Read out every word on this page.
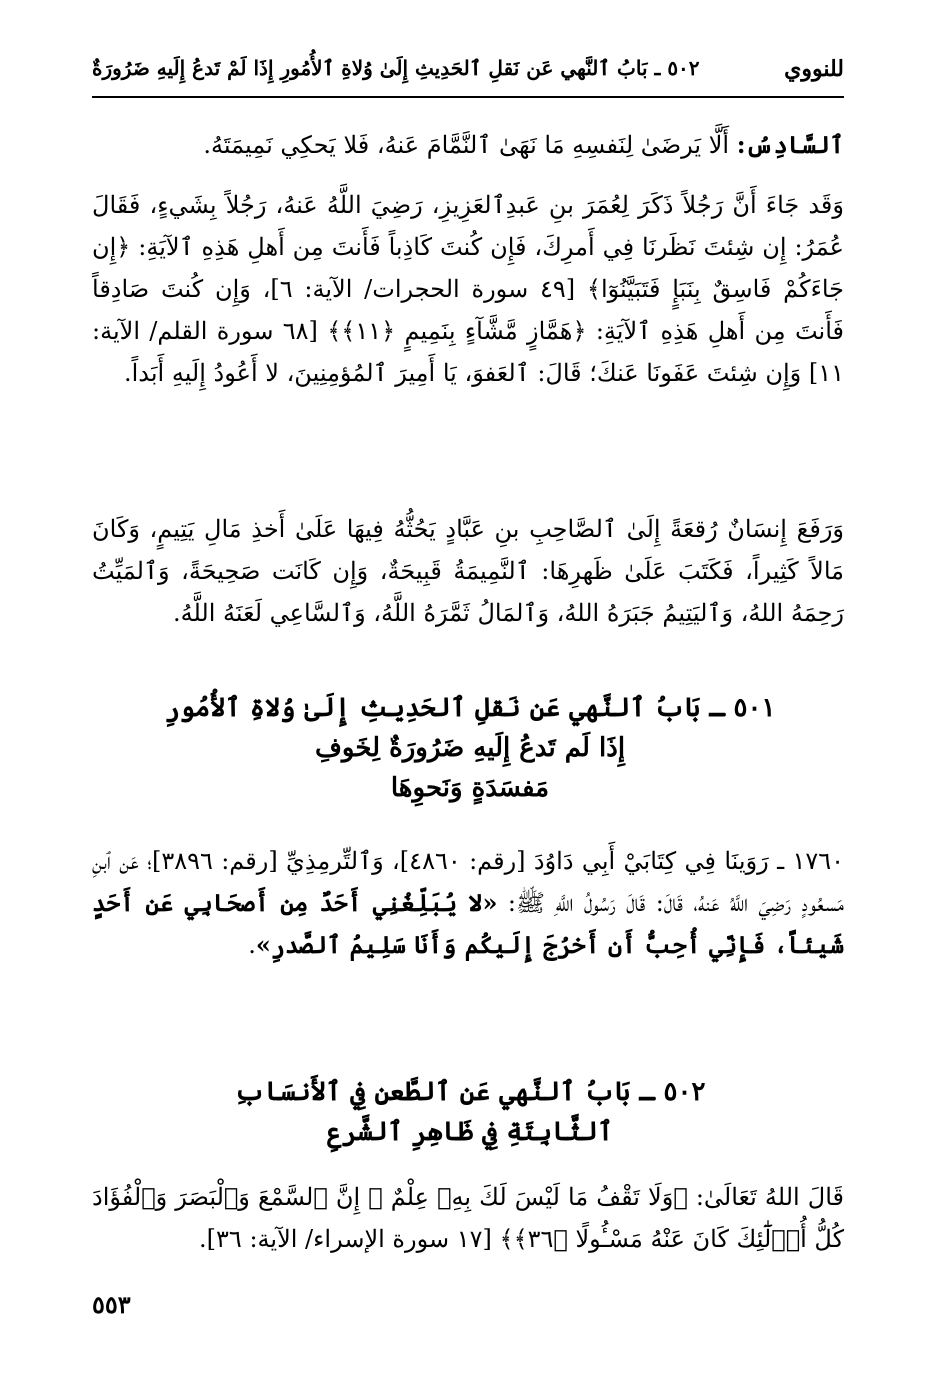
للنووي
٥٠٢ ـ بَابُ ٱلنَّهي عَن نَقلِ ٱلحَدِيثِ إِلَىٰ وُلاةِ ٱلأُمُورِ إِذَا لَمْ تَدعُ إِلَيهِ ضَرُورَةٌ
ٱلسَّادِسُ: أَلَّا يَرضَىٰ لِنَفسِهِ مَا نَهَىٰ ٱلنَّمَّامَ عَنهُ، فَلا يَحكِي نَمِيمَتَهُ.
وَقَد جَاءَ أَنَّ رَجُلاً ذَكَرَ لِعُمَرَ بنِ عَبدِٱلعَزِيزِ، رَضِيَ اللَّهُ عَنهُ، رَجُلاً بِشَيءٍ، فَقَالَ عُمَرُ: إِن شِئتَ نَظَرنَا فِي أَمرِكَ، فَإِن كُنتَ كَاذِباً فَأَنتَ مِن أَهلِ هَذِهِ ٱلآيَةِ: ﴿إِن جَاءَكُمْ فَاسِقٌ بِنَبَإٍ فَتَبَيَّنُوٓا﴾ [٤٩ سورة الحجرات/ الآية: ٦]، وَإِن كُنتَ صَادِقاً فَأَنتَ مِن أَهلِ هَذِهِ ٱلآيَةِ: ﴿هَمَّازٍ مَّشَّآءٍ بِنَمِيمٍ ﴿١١﴾﴾ [٦٨ سورة القلم/ الآية: ١١] وَإِن شِئتَ عَفَونَا عَنكَ؛ قَالَ: ٱلعَفوَ، يَا أَمِيرَ ٱلمُؤمِنِينَ، لا أَعُودُ إِلَيهِ أَبَداً.
وَرَفَعَ إِنسَانٌ رُقعَةً إِلَىٰ ٱلصَّاحِبِ بنِ عَبَّادٍ يَحُثُّهُ فِيهَا عَلَىٰ أَخذِ مَالِ يَتِيمٍ، وَكَانَ مَالاً كَثِيراً، فَكَتَبَ عَلَىٰ ظَهرِهَا: ٱلنَّمِيمَةُ قَبِيحَةٌ، وَإِن كَانَت صَحِيحَةً، وَٱلمَيِّتُ رَحِمَهُ اللهُ، وَٱليَتِيمُ جَبَرَهُ اللهُ، وَٱلمَالُ ثَمَّرَهُ اللَّهُ، وَٱلسَّاعِي لَعَنَهُ اللَّهُ.
٥٠١ ـ بَابُ ٱلنَّهي عَن نَقلِ ٱلحَدِيثِ إِلَىٰ وُلاةِ ٱلأُمُورِ
إِذَا لَم تَدعُ إِلَيهِ ضَرُورَةٌ لِخَوفِ
مَفسَدَةٍ وَنَحوِهَا
١٧٦٠ ـ رَوَينَا فِي كِتَابَيْ أَبِي دَاوُدَ [رقم: ٤٨٦٠]، وَٱلتِّرمِذِيِّ [رقم: ٣٨٩٦]؛ عَن ٱبنِ مَسعُودٍ رَضِيَ اللَّهُ عَنهُ، قَالَ: قَالَ رَسُولُ اللَّهِ ﷺ: «لا يُبَلِّغُنِي أَحَدٌ مِن أَصحَابِي عَن أَحَدٍ شَيئاً، فَإِنِّي أُحِبُّ أَن أَخرُجَ إِلَيكُم وَأَنَا سَلِيمُ ٱلصَّدرِ».
٥٠٢ ـ بَابُ ٱلنَّهي عَن ٱلطَّعنِ فِي ٱلأَنسَابِ
ٱلثَّابِتَةِ فِي ظَاهِرِ ٱلشَّرعِ
قَالَ اللهُ تَعَالَىٰ: ﴿وَلَا تَقْفُ مَا لَيْسَ لَكَ بِهِۦ عِلْمٌ ۚ إِنَّ ٱلسَّمْعَ وَٱلْبَصَرَ وَٱلْفُؤَادَ كُلُّ أُو۟لَٰٓئِكَ كَانَ عَنْهُ مَسْـُٔولًا ﴿٣٦﴾﴾ [١٧ سورة الإسراء/ الآية: ٣٦].
٥٥٣
